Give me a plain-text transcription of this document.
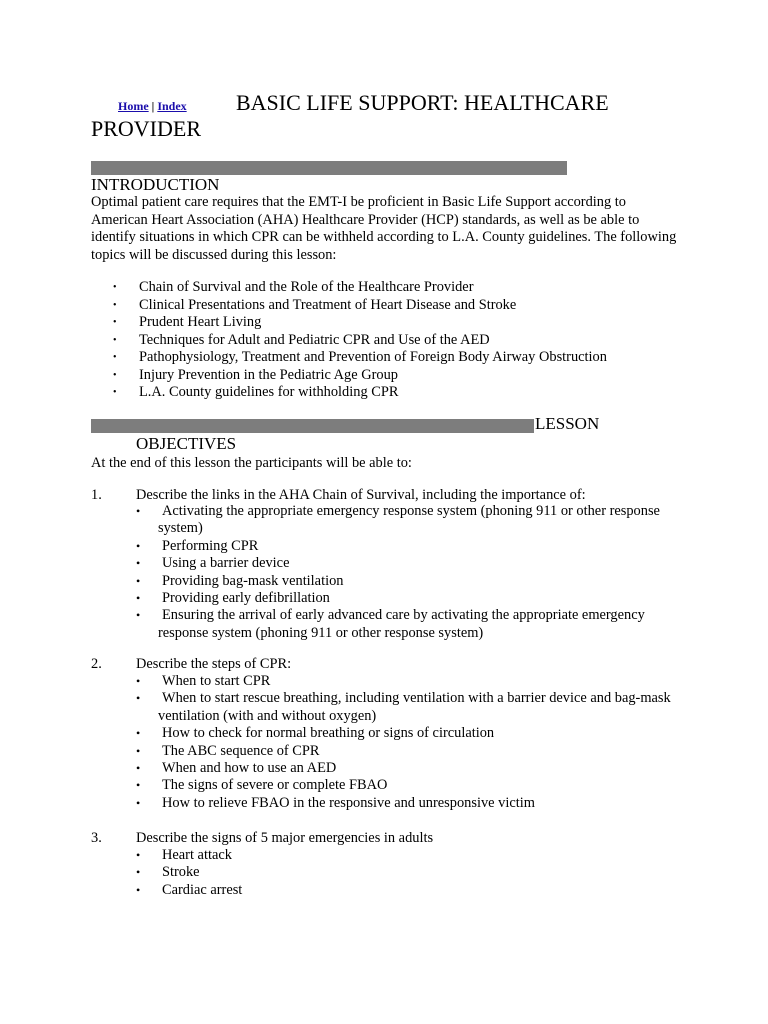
Home | Index BASIC LIFE SUPPORT: HEALTHCARE
PROVIDER
INTRODUCTION
Optimal patient care requires that the EMT-I be proficient in Basic Life Support according to American Heart Association (AHA) Healthcare Provider (HCP) standards, as well as be able to identify situations in which CPR can be withheld according to L.A. County guidelines. The following topics will be discussed during this lesson:
• Chain of Survival and the Role of the Healthcare Provider
• Clinical Presentations and Treatment of Heart Disease and Stroke
• Prudent Heart Living
• Techniques for Adult and Pediatric CPR and Use of the AED
• Pathophysiology, Treatment and Prevention of Foreign Body Airway Obstruction
• Injury Prevention in the Pediatric Age Group
• L.A. County guidelines for withholding CPR
LESSON
OBJECTIVES
At the end of this lesson the participants will be able to:
1. Describe the links in the AHA Chain of Survival, including the importance of:
• Activating the appropriate emergency response system (phoning 911 or other response system)
• Performing CPR
• Using a barrier device
• Providing bag-mask ventilation
• Providing early defibrillation
• Ensuring the arrival of early advanced care by activating the appropriate emergency response system (phoning 911 or other response system)
2. Describe the steps of CPR:
• When to start CPR
• When to start rescue breathing, including ventilation with a barrier device and bag-mask ventilation (with and without oxygen)
• How to check for normal breathing or signs of circulation
• The ABC sequence of CPR
• When and how to use an AED
• The signs of severe or complete FBAO
• How to relieve FBAO in the responsive and unresponsive victim
3. Describe the signs of 5 major emergencies in adults
• Heart attack
• Stroke
• Cardiac arrest
